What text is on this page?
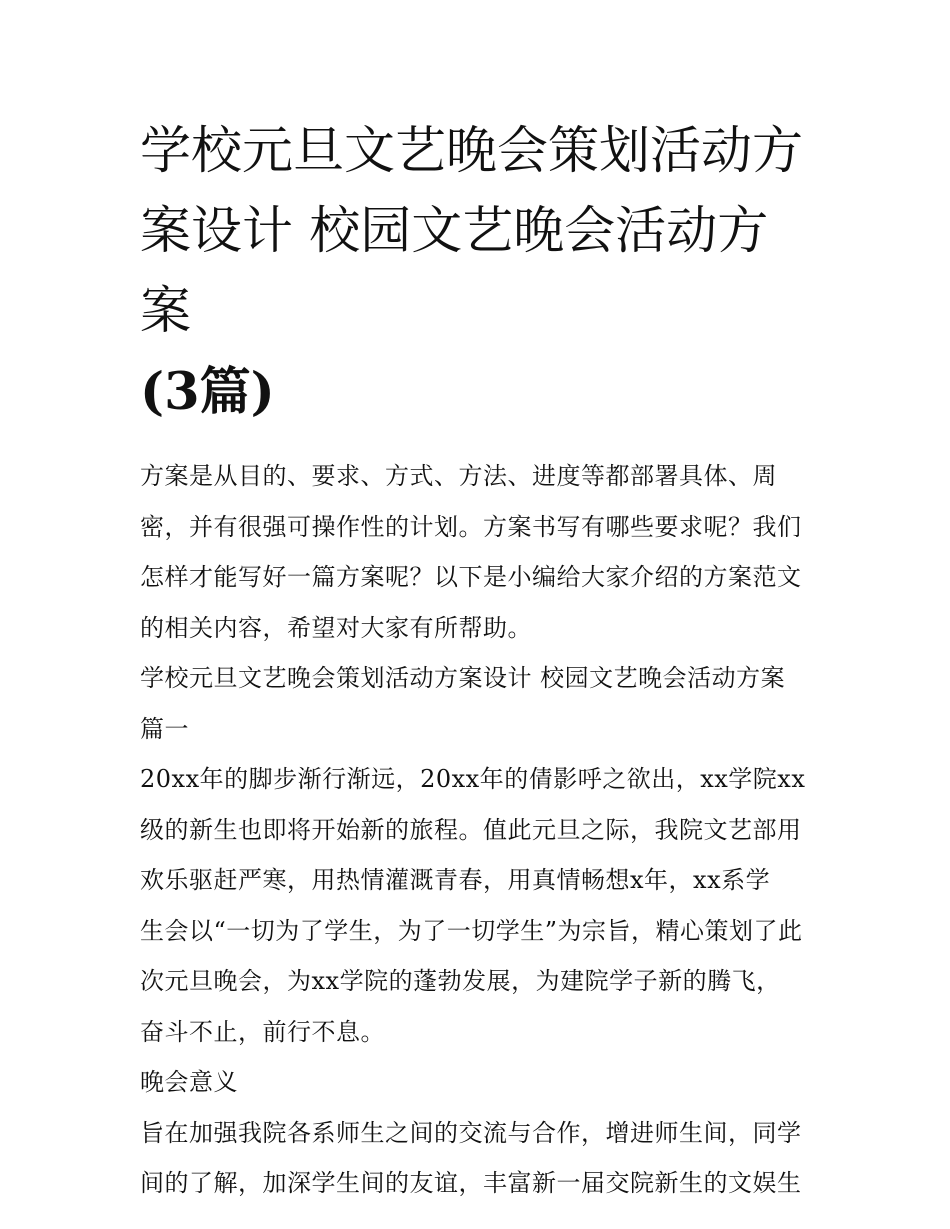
学校元旦文艺晚会策划活动方
案设计 校园文艺晚会活动方案
(3篇)

方案是从目的、要求、方式、方法、进度等都部署具体、周
密，并有很强可操作性的计划。方案书写有哪些要求呢？我们
怎样才能写好一篇方案呢？以下是小编给大家介绍的方案范文
的相关内容，希望对大家有所帮助。

学校元旦文艺晚会策划活动方案设计 校园文艺晚会活动方案
篇一

20xx年的脚步渐行渐远，20xx年的倩影呼之欲出，xx学院xx
级的新生也即将开始新的旅程。值此元旦之际，我院文艺部用
欢乐驱赶严寒，用热情灌溉青春，用真情畅想x年，xx系学
生会以“一切为了学生，为了一切学生”为宗旨，精心策划了此
次元旦晚会，为xx学院的蓬勃发展，为建院学子新的腾飞，
奋斗不止，前行不息。

晚会意义

旨在加强我院各系师生之间的交流与合作，增进师生间，同学
间的了解，加深学生间的友谊，丰富新一届交院新生的文娱生
